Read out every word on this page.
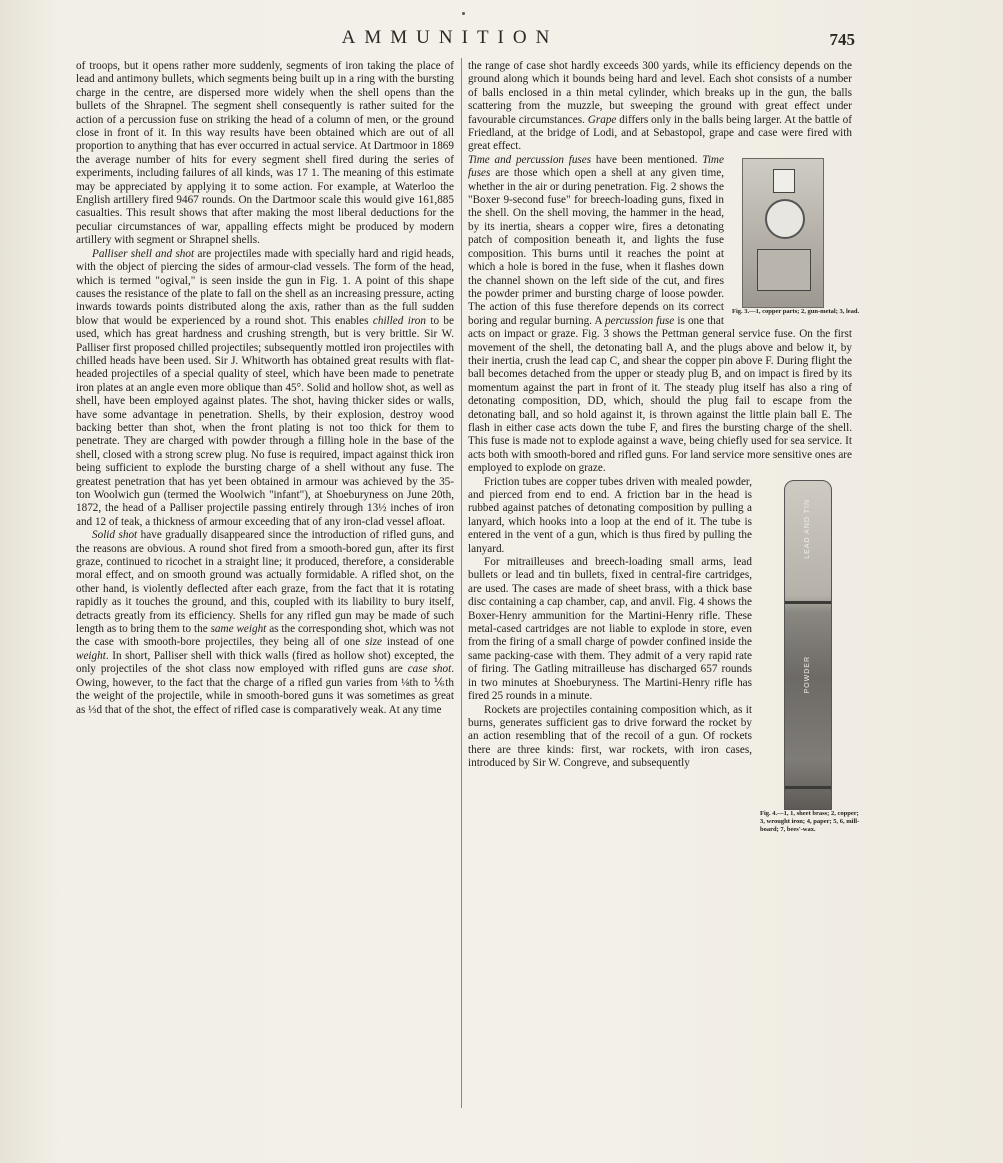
AMMUNITION	745

of troops, but it opens rather more suddenly, segments of iron taking the place of lead and antimony bullets, which segments being built up in a ring with the bursting charge in the centre, are dispersed more widely when the shell opens than the bullets of the Shrapnel. The segment shell consequently is rather suited for the action of a percussion fuse on striking the head of a column of men, or the ground close in front of it. In this way results have been obtained which are out of all proportion to anything that has ever occurred in actual service. At Dartmoor in 1869 the average number of hits for every segment shell fired during the series of experiments, including failures of all kinds, was 17 1. The meaning of this estimate may be appreciated by applying it to some action. For example, at Waterloo the English artillery fired 9467 rounds. On the Dartmoor scale this would give 161,885 casualties. This result shows that after making the most liberal deductions for the peculiar circumstances of war, appalling effects might be produced by modern artillery with segment or Shrapnel shells.

Palliser shell and shot are projectiles made with specially hard and rigid heads, with the object of piercing the sides of armour-clad vessels. The form of the head, which is termed "ogival," is seen inside the gun in Fig. 1. A point of this shape causes the resistance of the plate to fall on the shell as an increasing pressure, acting inwards towards points distributed along the axis, rather than as the full sudden blow that would be experienced by a round shot. This enables chilled iron to be used, which has great hardness and crushing strength, but is very brittle. Sir W. Palliser first proposed chilled projectiles; subsequently mottled iron projectiles with chilled heads have been used. Sir J. Whitworth has obtained great results with flat-headed projectiles of a special quality of steel, which have been made to penetrate iron plates at an angle even more oblique than 45°. Solid and hollow shot, as well as shell, have been employed against plates. The shot, having thicker sides or walls, have some advantage in penetration. Shells, by their explosion, destroy wood backing better than shot, when the front plating is not too thick for them to penetrate. They are charged with powder through a filling hole in the base of the shell, closed with a strong screw plug. No fuse is required, impact against thick iron being sufficient to explode the bursting charge of a shell without any fuse. The greatest penetration that has yet been obtained in armour was achieved by the 35-ton Woolwich gun (termed the Woolwich "infant"), at Shoeburyness on June 20th, 1872, the head of a Palliser projectile passing entirely through 13½ inches of iron and 12 of teak, a thickness of armour exceeding that of any iron-clad vessel afloat.

Solid shot have gradually disappeared since the introduction of rifled guns, and the reasons are obvious. A round shot fired from a smooth-bored gun, after its first graze, continued to ricochet in a straight line; it produced, therefore, a considerable moral effect, and on smooth ground was actually formidable. A rifled shot, on the other hand, is violently deflected after each graze, from the fact that it is rotating rapidly as it touches the ground, and this, coupled with its liability to bury itself, detracts greatly from its efficiency. Shells for any rifled gun may be made of such length as to bring them to the same weight as the corresponding shot, which was not the case with smooth-bore projectiles, they being all of one size instead of one weight. In short, Palliser shell with thick walls (fired as hollow shot) excepted, the only projectiles of the shot class now employed with rifled guns are case shot. Owing, however, to the fact that the charge of a rifled gun varies from ⅛th to ⅙th the weight of the projectile, while in smooth-bored guns it was sometimes as great as ⅓d that of the shot, the effect of rifled case is comparatively weak. At any time

the range of case shot hardly exceeds 300 yards, while its efficiency depends on the ground along which it bounds being hard and level. Each shot consists of a number of balls enclosed in a thin metal cylinder, which breaks up in the gun, the balls scattering from the muzzle, but sweeping the ground with great effect under favourable circumstances. Grape differs only in the balls being larger. At the battle of Friedland, at the bridge of Lodi, and at Sebastopol, grape and case were fired with great effect.

Fig. 3.—1, copper parts; 2, gun-metal; 3, lead.
Time and percussion fuses have been mentioned. Time fuses are those which open a shell at any given time, whether in the air or during penetration. Fig. 2 shows the "Boxer 9-second fuse" for breech-loading guns, fixed in the shell. On the shell moving, the hammer in the head, by its inertia, shears a copper wire, fires a detonating patch of composition beneath it, and lights the fuse composition. This burns until it reaches the point at which a hole is bored in the fuse, when it flashes down the channel shown on the left side of the cut, and fires the powder primer and bursting charge of loose powder. The action of this fuse therefore depends on its correct boring and regular burning. A percussion fuse is one that acts on impact or graze. Fig. 3 shows the Pettman general service fuse. On the first movement of the shell, the detonating ball A, and the plugs above and below it, by their inertia, crush the lead cap C, and shear the copper pin above F. During flight the ball becomes detached from the upper or steady plug B, and on impact is fired by its momentum against the part in front of it. The steady plug itself has also a ring of detonating composition, DD, which, should the plug fail to escape from the detonating ball, and so hold against it, is thrown against the little plain ball E. The flash in either case acts down the tube F, and fires the bursting charge of the shell. This fuse is made not to explode against a wave, being chiefly used for sea service. It acts both with smooth-bored and rifled guns. For land service more sensitive ones are employed to explode on graze.

LEAD AND TIN
POWDER
Fig. 4.—1, 1, sheet brass; 2, copper; 3, wrought iron; 4, paper; 5, 6, mill-board; 7, bees'-wax.

Friction tubes are copper tubes driven with mealed powder, and pierced from end to end. A friction bar in the head is rubbed against patches of detonating composition by pulling a lanyard, which hooks into a loop at the end of it. The tube is entered in the vent of a gun, which is thus fired by pulling the lanyard.

For mitrailleuses and breech-loading small arms, lead bullets or lead and tin bullets, fixed in central-fire cartridges, are used. The cases are made of sheet brass, with a thick base disc containing a cap chamber, cap, and anvil. Fig. 4 shows the Boxer-Henry ammunition for the Martini-Henry rifle. These metal-cased cartridges are not liable to explode in store, even from the firing of a small charge of powder confined inside the same packing-case with them. They admit of a very rapid rate of firing. The Gatling mitrailleuse has discharged 657 rounds in two minutes at Shoeburyness. The Martini-Henry rifle has fired 25 rounds in a minute.

Rockets are projectiles containing composition which, as it burns, generates sufficient gas to drive forward the rocket by an action resembling that of the recoil of a gun. Of rockets there are three kinds: first, war rockets, with iron cases, introduced by Sir W. Congreve, and subsequently
